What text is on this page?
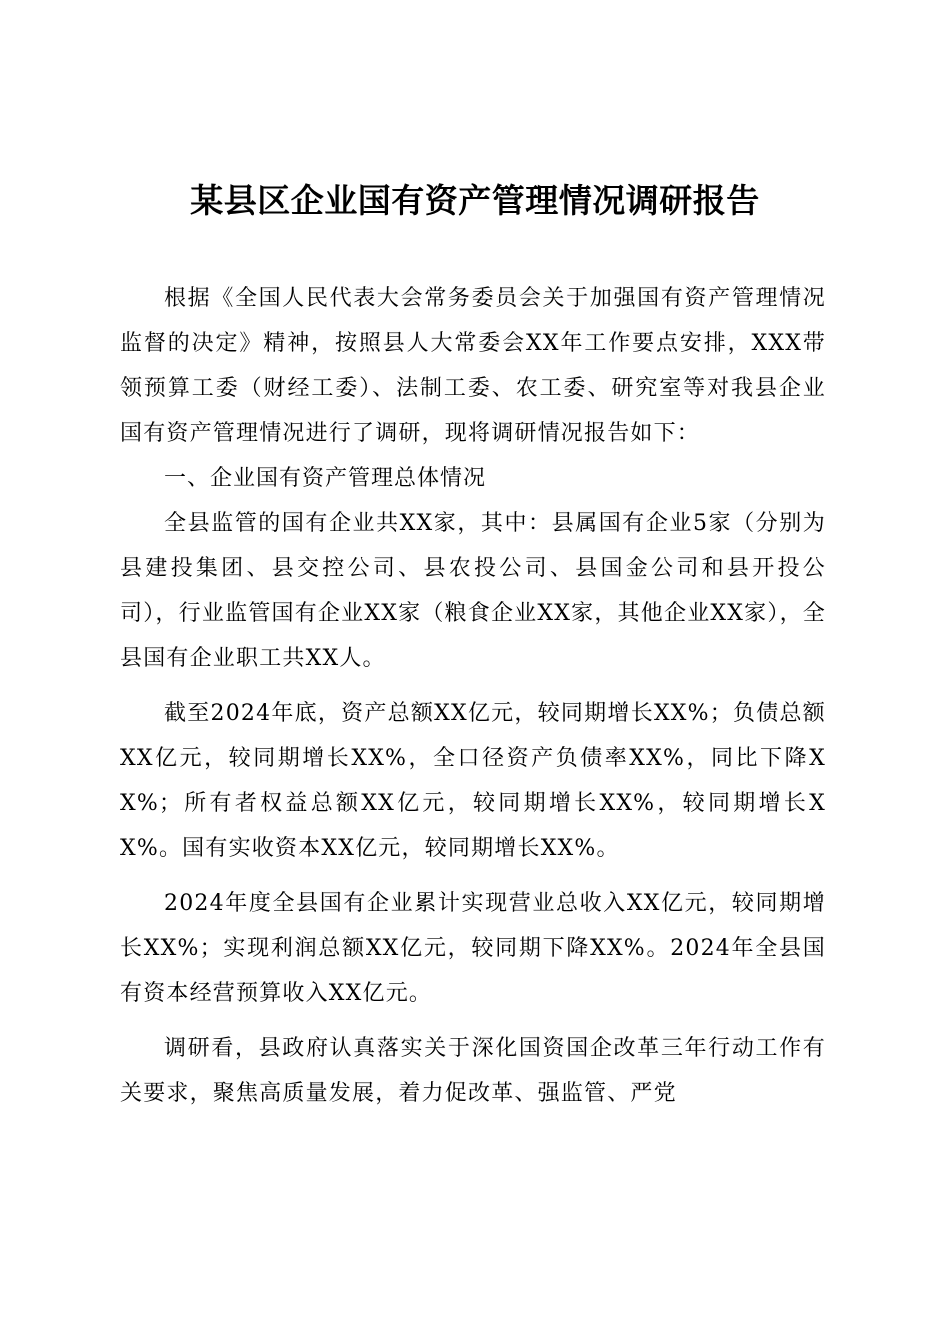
某县区企业国有资产管理情况调研报告

根据《全国人民代表大会常务委员会关于加强国有资产管理情况监督的决定》精神，按照县人大常委会XX年工作要点安排，XXX带领预算工委（财经工委）、法制工委、农工委、研究室等对我县企业国有资产管理情况进行了调研，现将调研情况报告如下：

一、企业国有资产管理总体情况

全县监管的国有企业共XX家，其中：县属国有企业5家（分别为县建投集团、县交控公司、县农投公司、县国金公司和县开投公司），行业监管国有企业XX家（粮食企业XX家，其他企业XX家），全县国有企业职工共XX人。

截至2024年底，资产总额XX亿元，较同期增长XX%；负债总额XX亿元，较同期增长XX%，全口径资产负债率XX%，同比下降XX%；所有者权益总额XX亿元，较同期增长XX%，较同期增长XX%。国有实收资本XX亿元，较同期增长XX%。

2024年度全县国有企业累计实现营业总收入XX亿元，较同期增长XX%；实现利润总额XX亿元，较同期下降XX%。2024年全县国有资本经营预算收入XX亿元。

调研看，县政府认真落实关于深化国资国企改革三年行动工作有关要求，聚焦高质量发展，着力促改革、强监管、严党
